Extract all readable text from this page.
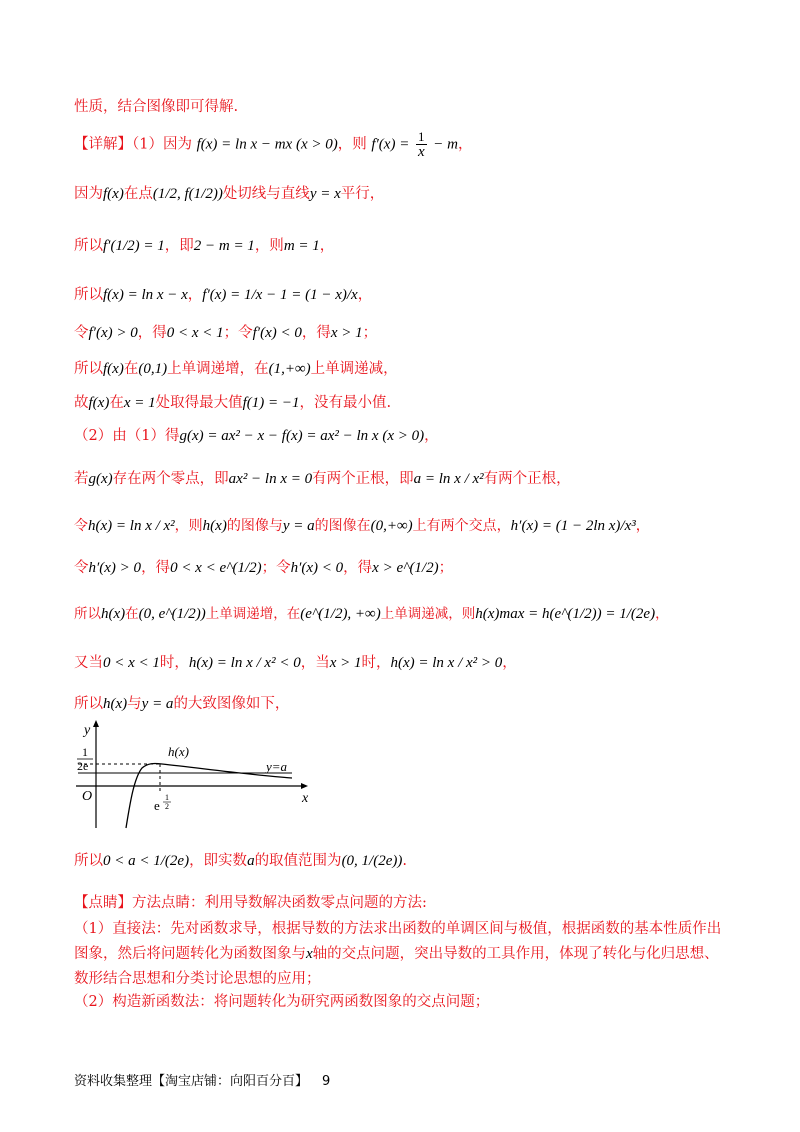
性质，结合图像即可得解.
【详解】（1）因为 f(x) = ln x − mx (x > 0)，则 $f'(x) = \frac{1}{x} - m$，
因为f(x)在点(1/2, f(1/2))处切线与直线y = x平行，
所以f′(1/2) = 1，即2 − m = 1，则m = 1，
所以f(x) = ln x − x，f′(x) = 1/x − 1 = (1 − x)/x，
令f′(x) > 0，得0 < x < 1；令f′(x) < 0，得x > 1；
所以f(x)在(0,1)上单调递增，在(1,+∞)上单调递减，
故f(x)在x = 1处取得最大值f(1) = −1，没有最小值.
（2）由（1）得g(x) = ax² − x − f(x) = ax² − ln x (x > 0)，
若g(x)存在两个零点，即ax² − ln x = 0有两个正根，即a = ln x / x²有两个正根，
令h(x) = ln x / x²，则h(x)的图像与y = a的图像在(0,+∞)上有两个交点，h′(x) = (1 − 2ln x)/x³，
令h′(x) > 0，得0 < x < e^(1/2)；令h′(x) < 0，得x > e^(1/2)；
所以h(x)在(0, e^(1/2))上单调递增，在(e^(1/2), +∞)上单调递减，则h(x)max = h(e^(1/2)) = 1/(2e)，
又当0 < x < 1时，h(x) = ln x / x² < 0，当x > 1时，h(x) = ln x / x² > 0，
所以h(x)与y = a的大致图像如下，
y
x
O
1
2e
h(x)
y=a
e
1
2
所以0 < a < 1/(2e)，即实数a的取值范围为(0, 1/(2e)).
【点睛】方法点睛：利用导数解决函数零点问题的方法:
（1）直接法：先对函数求导，根据导数的方法求出函数的单调区间与极值，根据函数的基本性质作出图象，然后将问题转化为函数图象与x轴的交点问题，突出导数的工具作用，体现了转化与化归思想、数形结合思想和分类讨论思想的应用；
（2）构造新函数法：将问题转化为研究两函数图象的交点问题；
资料收集整理【淘宝店铺：向阳百分百】 9
